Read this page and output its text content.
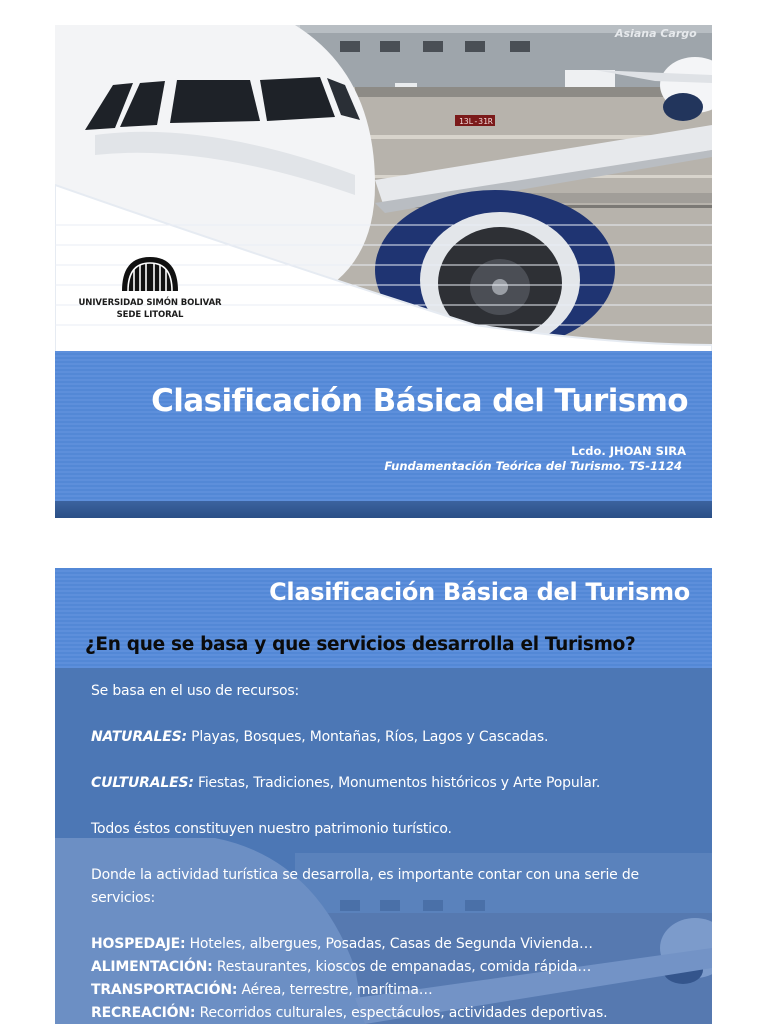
Asiana Cargo
13L-31R
UNIVERSIDAD SIMÓN BOLIVAR
SEDE LITORAL
Clasificación Básica del Turismo
Lcdo. JHOAN SIRA
Fundamentación Teórica del Turismo. TS-1124
Clasificación Básica del Turismo
¿En que se basa y que servicios desarrolla el Turismo?

Se basa en el uso de recursos:

NATURALES: Playas, Bosques, Montañas, Ríos, Lagos y Cascadas.

CULTURALES: Fiestas, Tradiciones, Monumentos históricos y Arte Popular.

Todos éstos constituyen nuestro patrimonio turístico.

Donde la actividad turística se desarrolla, es importante contar con una serie de servicios:

HOSPEDAJE: Hoteles, albergues, Posadas, Casas de Segunda Vivienda…

ALIMENTACIÓN: Restaurantes, kioscos de empanadas, comida rápida…

TRANSPORTACIÓN: Aérea, terrestre, marítima…

RECREACIÓN: Recorridos culturales, espectáculos, actividades deportivas.
